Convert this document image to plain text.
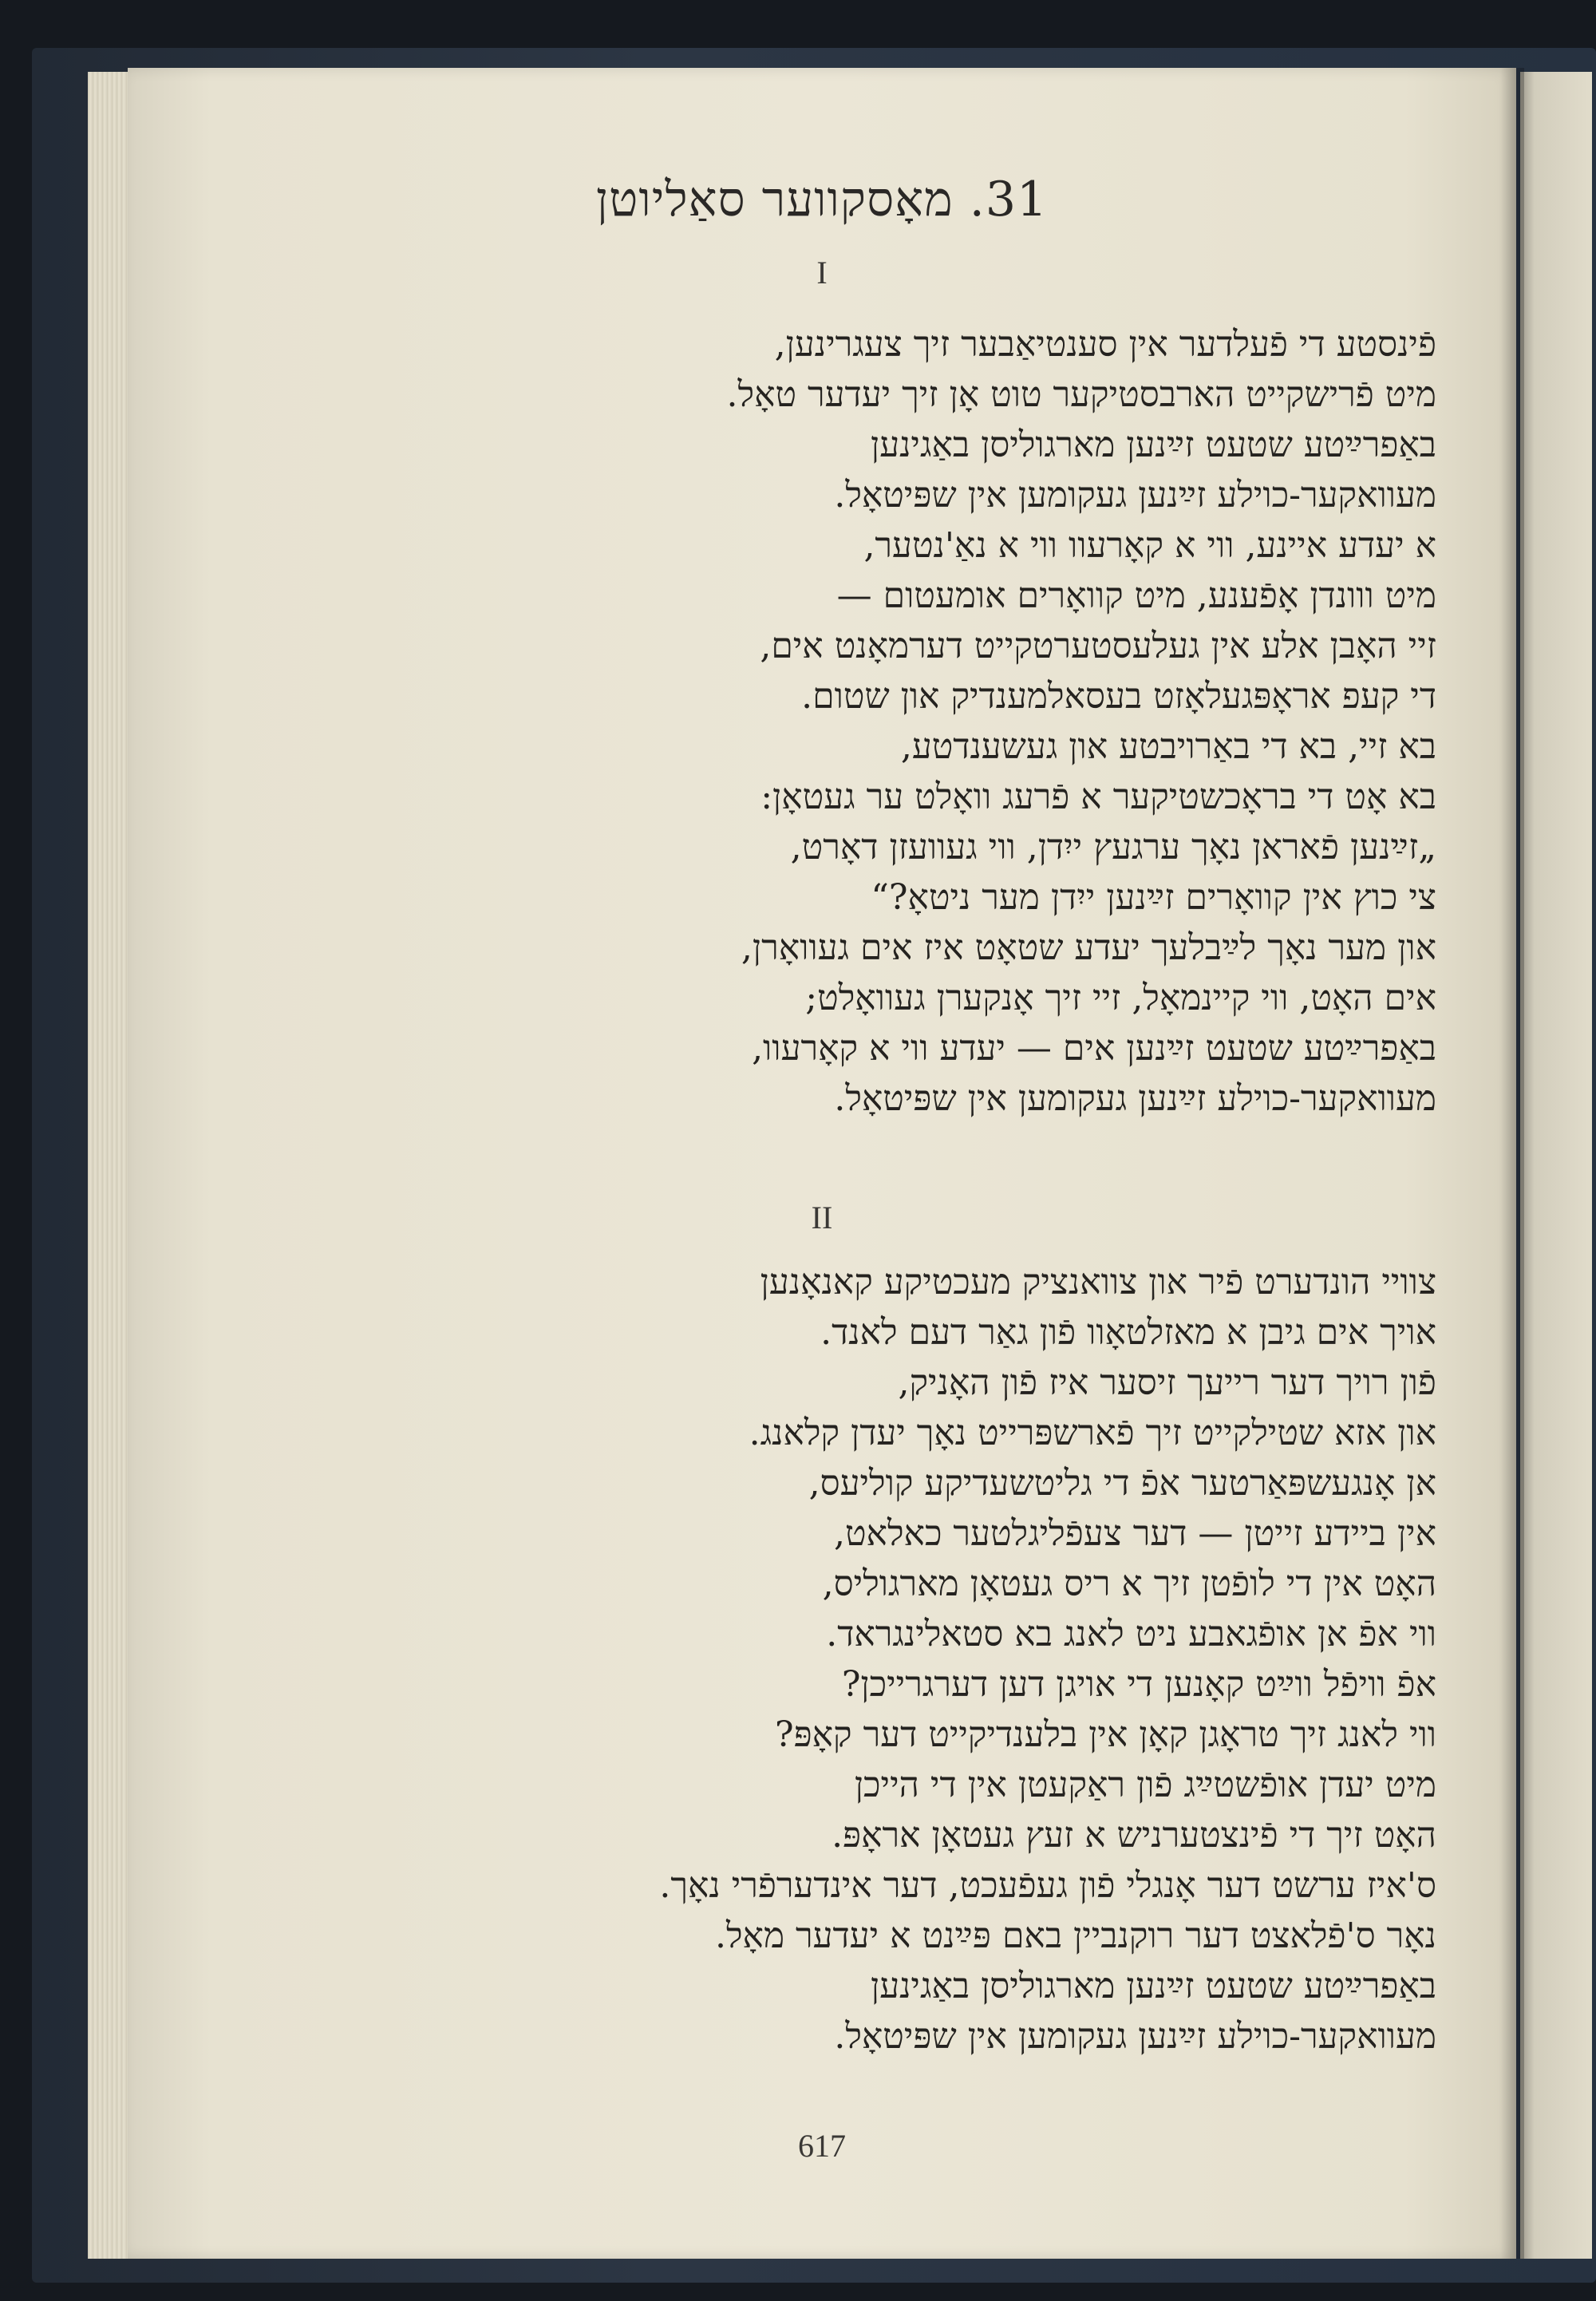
31. מאָסקווער סאַליוטן
I
פֿינסטע די פֿעלדער אין סענטיאַבער זיך צעגרינען,
מיט פֿרישקייט הארבסטיקער טוט אָן זיך יעדער טאָל.
באַפרײַטע שטעט זײַנען מארגוליסן באַגינען
מעוואקער-כוילע זײַנען געקומען אין שפּיטאָל.
א יעדע איינע, ווי א קאָרעוו ווי א נאַ'נטער,
מיט ווונדן אָפֿענע, מיט קוואָרים אומעטום —
זיי האָבן אלע אין געלעסטערטקייט דערמאָנט אים,
די קעפ אראָפּגעלאָזט בעסאלמענדיק און שטום.
בא זיי, בא די באַרויבטע און געשענדטע,
בא אָט די בראָכשטיקער א פֿרעג וואָלט ער געטאָן:
„זײַנען פֿאראן נאָך ערגעץ ייִדן, ווי געוועזן דאָרט,
צי כוץ אין קוואָרים זײַנען ייִדן מער ניטאָ?“
און מער נאָך לײַבלעך יעדע שטאָט איז אים געוואָרן,
אים האָט, ווי קיינמאָל, זיי זיך אָנקערן געוואָלט;
באַפרײַטע שטעט זײַנען אים — יעדע ווי א קאָרעוו,
מעוואקער-כוילע זײַנען געקומען אין שפּיטאָל.
II
צוויי הונדערט פֿיר און צוואנציק מעכטיקע קאנאָנען
אויך אים גיבן א מאזלטאָוו פֿון גאַר דעם לאנד.
פֿון רויך דער רייעך זיסער איז פֿון האָניק,
און אזא שטילקייט זיך פֿארשפּרייט נאָך יעדן קלאנג.
אן אָנגעשפּאַרטער אפֿ די גליטשעדיקע קוליעס,
אין ביידע זייטן — דער צעפֿליגלטער כאלאט,
האָט אין די לופֿטן זיך א ריס געטאָן מארגוליס,
ווי אפֿ אן אופֿגאבע ניט לאנג בא סטאלינגראד.
אפֿ וויפֿל ווײַט קאָנען די אויגן דען דערגרייכן?
ווי לאנג זיך טראָגן קאָן אין בלענדיקייט דער קאָפּ?
מיט יעדן אופֿשטײַג פֿון ראַקעטן אין די הייכן
האָט זיך די פֿינצטערניש א זעץ געטאָן אראָפּ.
ס'איז ערשט דער אָנגלי פֿון געפֿעכט, דער אינדערפֿרי נאָך.
נאָר ס'פֿלאצט דער רוקנביין באם פּײַנט א יעדער מאָל.
באַפרײַטע שטעט זײַנען מארגוליסן באַגינען
מעוואקער-כוילע זײַנען געקומען אין שפּיטאָל.
617
